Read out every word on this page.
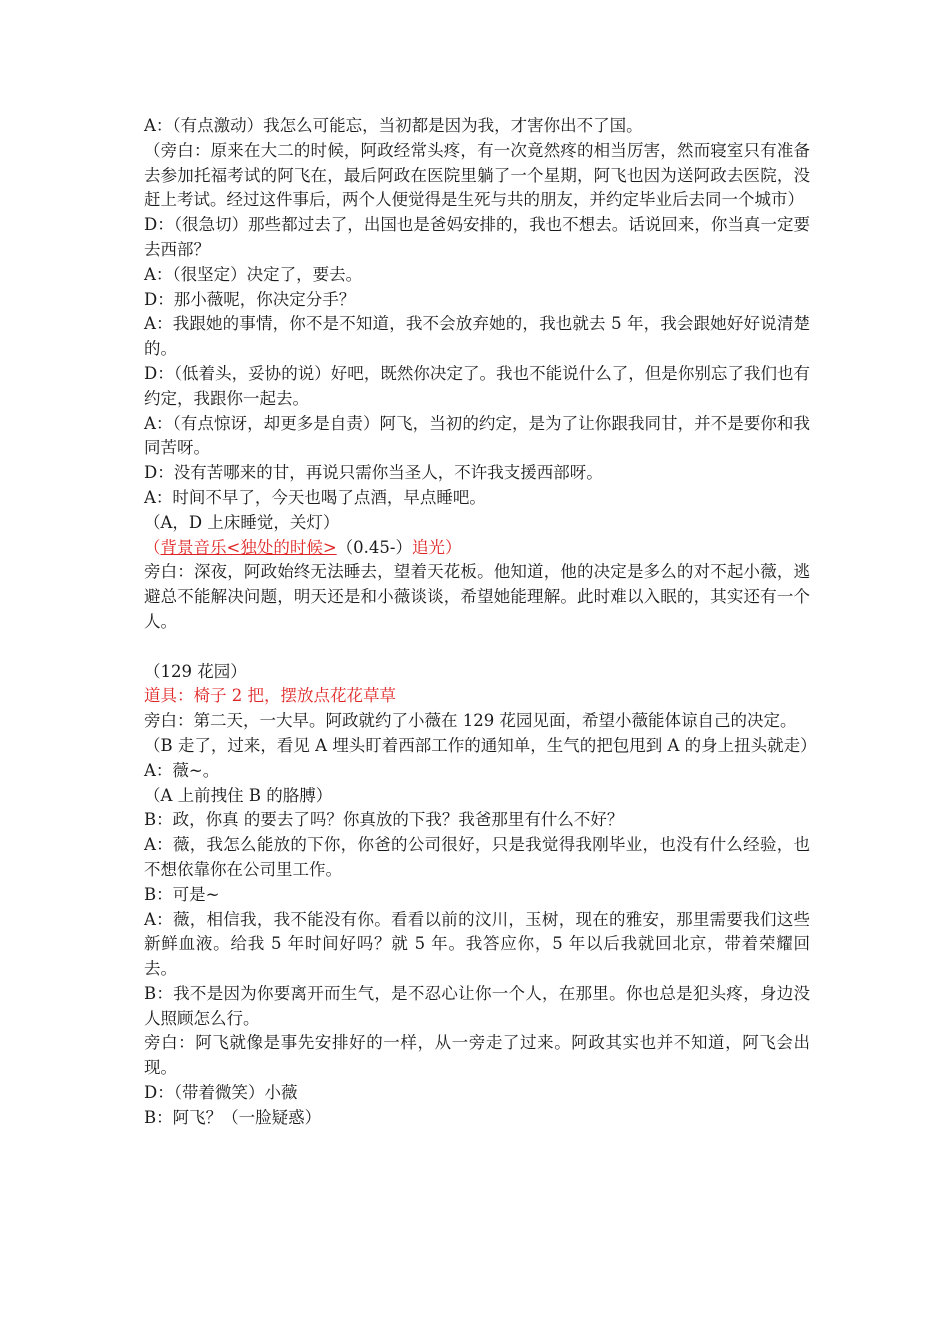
A：（有点激动）我怎么可能忘，当初都是因为我，才害你出不了国。

（旁白：原来在大二的时候，阿政经常头疼，有一次竟然疼的相当厉害，然而寝室只有准备去参加托福考试的阿飞在，最后阿政在医院里躺了一个星期，阿飞也因为送阿政去医院，没赶上考试。经过这件事后，两个人便觉得是生死与共的朋友，并约定毕业后去同一个城市）

D：（很急切）那些都过去了，出国也是爸妈安排的，我也不想去。话说回来，你当真一定要去西部？

A：（很坚定）决定了，要去。

D：那小薇呢，你决定分手？

A：我跟她的事情，你不是不知道，我不会放弃她的，我也就去 5 年，我会跟她好好说清楚的。

D：（低着头，妥协的说）好吧，既然你决定了。我也不能说什么了，但是你别忘了我们也有约定，我跟你一起去。

A：（有点惊讶，却更多是自责）阿飞，当初的约定，是为了让你跟我同甘，并不是要你和我同苦呀。

D：没有苦哪来的甘，再说只需你当圣人，不许我支援西部呀。

A：时间不早了，今天也喝了点酒，早点睡吧。

（A，D 上床睡觉，关灯）

（背景音乐<独处的时候>（0.45-）追光）

旁白：深夜，阿政始终无法睡去，望着天花板。他知道，他的决定是多么的对不起小薇，逃避总不能解决问题，明天还是和小薇谈谈，希望她能理解。此时难以入眠的，其实还有一个人。

（129 花园）

道具：椅子 2 把，摆放点花花草草

旁白：第二天，一大早。阿政就约了小薇在 129 花园见面，希望小薇能体谅自己的决定。

（B 走了，过来，看见 A 埋头盯着西部工作的通知单，生气的把包甩到 A 的身上扭头就走）

A：薇~。

（A 上前拽住 B 的胳膊）

B：政，你真 的要去了吗？你真放的下我？我爸那里有什么不好？

A：薇，我怎么能放的下你，你爸的公司很好，只是我觉得我刚毕业，也没有什么经验，也不想依靠你在公司里工作。

B：可是~

A：薇，相信我，我不能没有你。看看以前的汶川，玉树，现在的雅安，那里需要我们这些新鲜血液。给我 5 年时间好吗？就 5 年。我答应你，5 年以后我就回北京，带着荣耀回去。

B：我不是因为你要离开而生气，是不忍心让你一个人，在那里。你也总是犯头疼，身边没人照顾怎么行。

旁白：阿飞就像是事先安排好的一样，从一旁走了过来。阿政其实也并不知道，阿飞会出现。

D：（带着微笑）小薇

B：阿飞？（一脸疑惑）
